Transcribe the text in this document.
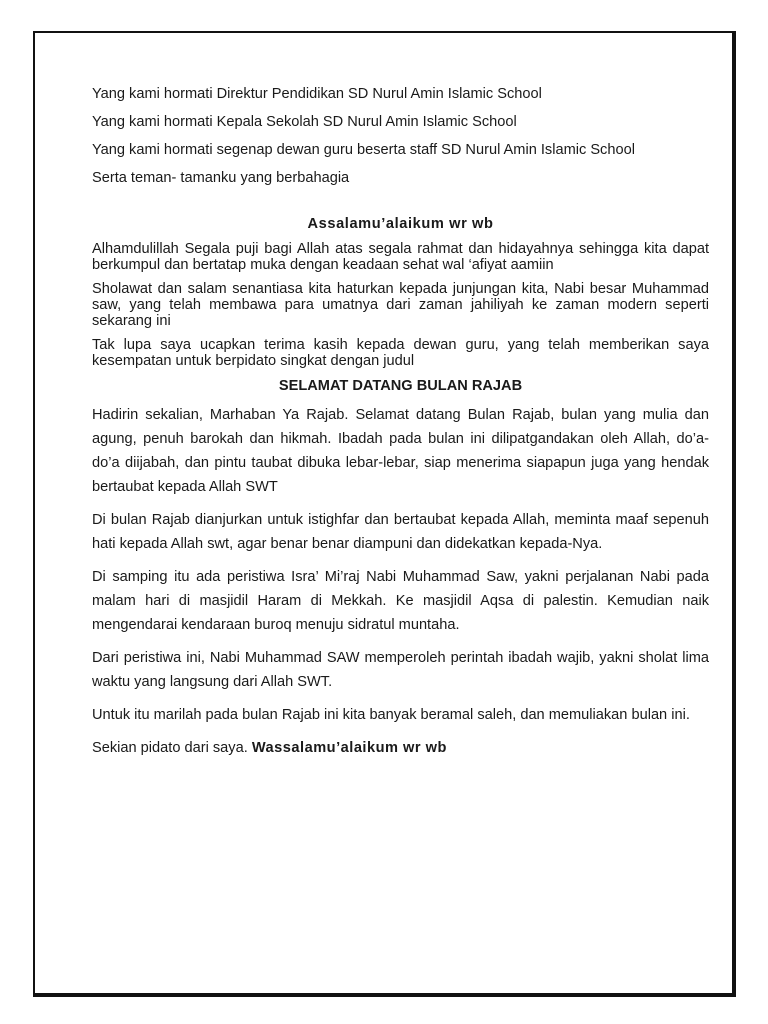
Yang kami hormati Direktur Pendidikan SD Nurul Amin Islamic School

Yang kami hormati Kepala Sekolah SD Nurul Amin Islamic School

Yang kami hormati segenap dewan guru beserta staff SD Nurul Amin Islamic School

Serta teman- tamanku yang berbahagia

Assalamu’alaikum wr wb

Alhamdulillah Segala puji bagi Allah atas segala rahmat dan hidayahnya sehingga kita dapat berkumpul dan bertatap muka dengan keadaan sehat wal ‘afiyat aamiin

Sholawat dan salam senantiasa kita haturkan kepada junjungan kita, Nabi besar Muhammad saw, yang telah membawa para umatnya dari zaman jahiliyah ke zaman modern seperti sekarang ini

Tak lupa saya ucapkan terima kasih kepada dewan guru, yang telah memberikan saya kesempatan untuk berpidato singkat dengan judul

SELAMAT DATANG BULAN RAJAB

Hadirin sekalian, Marhaban Ya Rajab. Selamat datang Bulan Rajab, bulan yang mulia dan agung, penuh barokah dan hikmah. Ibadah pada bulan ini dilipatgandakan oleh Allah, do’a- do’a diijabah, dan pintu taubat dibuka lebar-lebar, siap menerima siapapun juga yang hendak bertaubat kepada Allah SWT

Di bulan Rajab dianjurkan untuk istighfar dan bertaubat kepada Allah, meminta maaf sepenuh hati kepada Allah swt, agar benar benar diampuni dan didekatkan kepada-Nya.

Di samping itu ada peristiwa Isra’ Mi’raj Nabi Muhammad Saw, yakni perjalanan Nabi pada malam hari di masjidil Haram di Mekkah. Ke masjidil Aqsa di palestin. Kemudian naik mengendarai kendaraan buroq menuju sidratul muntaha.

Dari peristiwa ini, Nabi Muhammad SAW memperoleh perintah ibadah wajib, yakni sholat lima waktu yang langsung dari Allah SWT.

Untuk itu marilah pada bulan Rajab ini kita banyak beramal saleh, dan memuliakan bulan ini.

Sekian pidato dari saya. Wassalamu’alaikum wr wb
